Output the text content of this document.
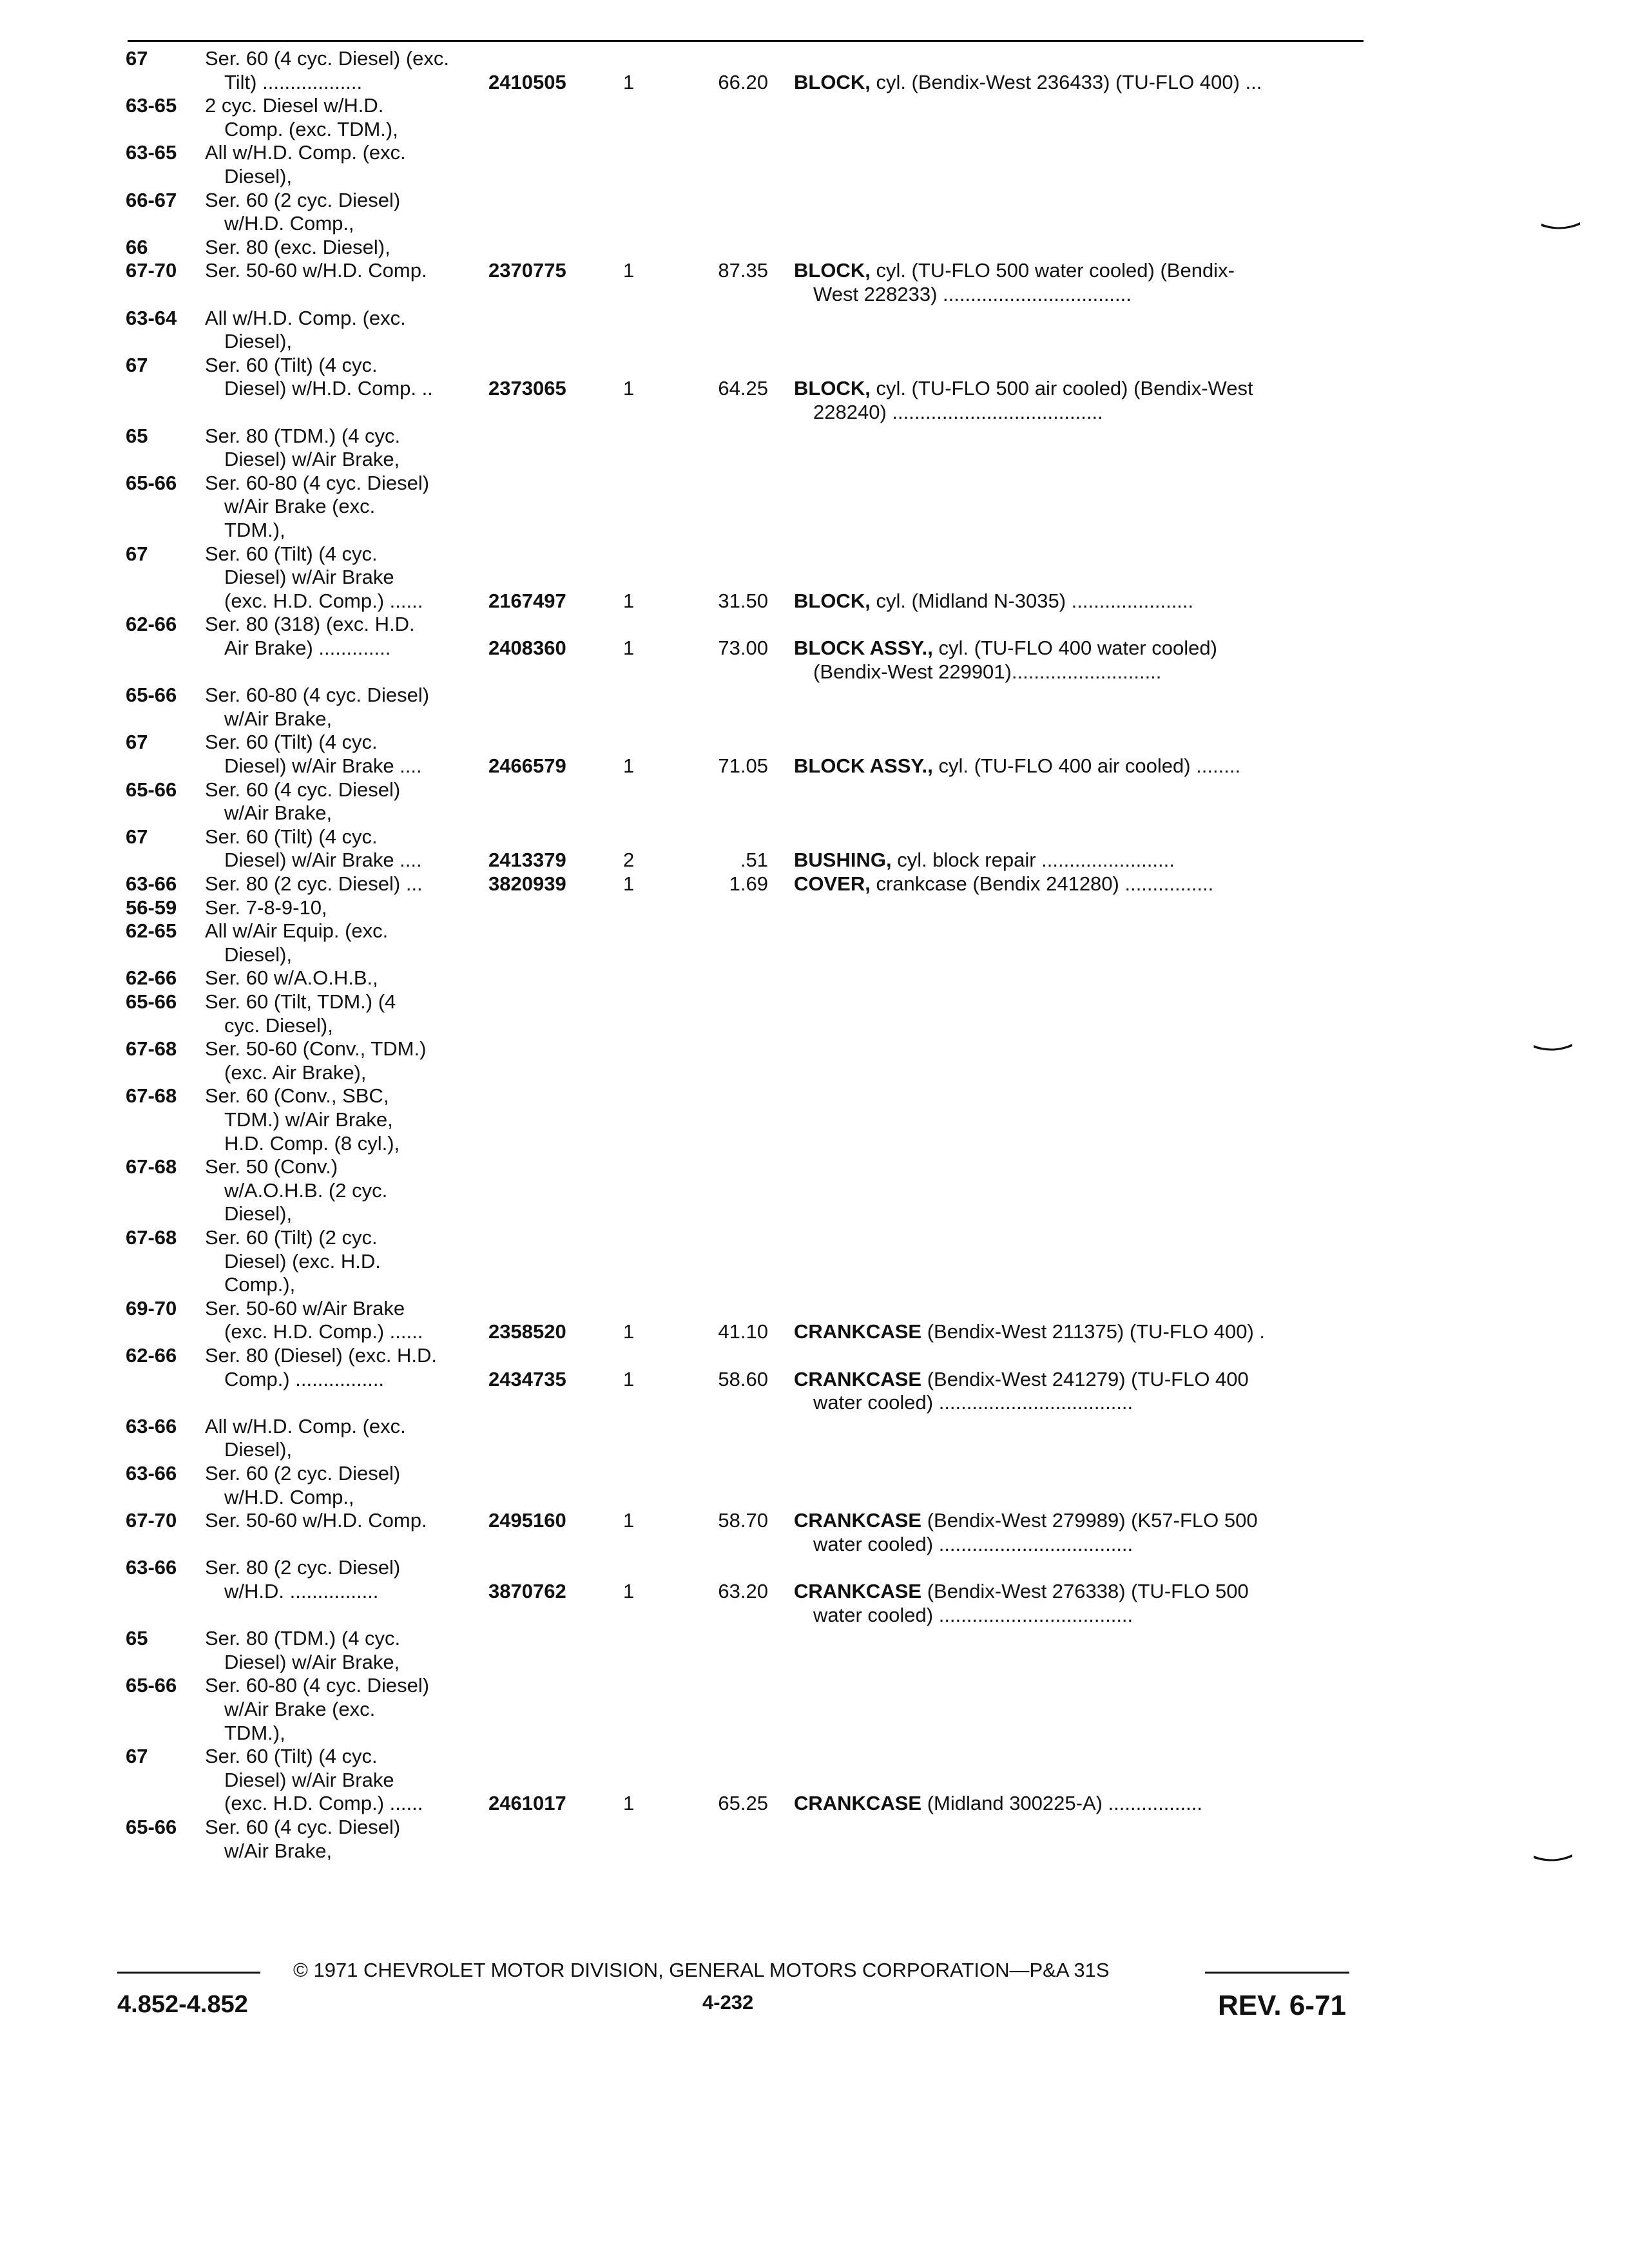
67	Ser. 60 (4 cyc. Diesel) (exc.
Tilt) ..................	2410505	1	66.20 BLOCK, cyl. (Bendix-West 236433) (TU-FLO 400) ...
63-65 2 cyc. Diesel w/H.D.
Comp. (exc. TDM.),
63-65 All w/H.D. Comp. (exc.
Diesel),
66-67 Ser. 60 (2 cyc. Diesel)
w/H.D. Comp.,
66	Ser. 80 (exc. Diesel),
67-70 Ser. 50-60 w/H.D. Comp.	2370775	1	87.35 BLOCK, cyl. (TU-FLO 500 water cooled) (Bendix-
West 228233) ..................................
63-64 All w/H.D. Comp. (exc.
Diesel),
67	Ser. 60 (Tilt) (4 cyc.
Diesel) w/H.D. Comp. ..	2373065	1	64.25 BLOCK, cyl. (TU-FLO 500 air cooled) (Bendix-West
228240) ......................................
65	Ser. 80 (TDM.) (4 cyc.
Diesel) w/Air Brake,
65-66 Ser. 60-80 (4 cyc. Diesel)
w/Air Brake (exc.
TDM.),
67	Ser. 60 (Tilt) (4 cyc.
Diesel) w/Air Brake
(exc. H.D. Comp.) ......	2167497	1	31.50 BLOCK, cyl. (Midland N-3035) ......................
62-66 Ser. 80 (318) (exc. H.D.
Air Brake) .............	2408360	1	73.00 BLOCK ASSY., cyl. (TU-FLO 400 water cooled)
(Bendix-West 229901)...........................
65-66 Ser. 60-80 (4 cyc. Diesel)
w/Air Brake,
67	Ser. 60 (Tilt) (4 cyc.
Diesel) w/Air Brake ....	2466579	1	71.05 BLOCK ASSY., cyl. (TU-FLO 400 air cooled) ........
65-66 Ser. 60 (4 cyc. Diesel)
w/Air Brake,
67	Ser. 60 (Tilt) (4 cyc.
Diesel) w/Air Brake ....	2413379	2	.51 BUSHING, cyl. block repair ........................
63-66 Ser. 80 (2 cyc. Diesel) ...	3820939	1	1.69 COVER, crankcase (Bendix 241280) ................
56-59 Ser. 7-8-9-10,
62-65 All w/Air Equip. (exc.
Diesel),
62-66 Ser. 60 w/A.O.H.B.,
65-66 Ser. 60 (Tilt, TDM.) (4
cyc. Diesel),
67-68 Ser. 50-60 (Conv., TDM.)
(exc. Air Brake),
67-68 Ser. 60 (Conv., SBC,
TDM.) w/Air Brake,
H.D. Comp. (8 cyl.),
67-68 Ser. 50 (Conv.)
w/A.O.H.B. (2 cyc.
Diesel),
67-68 Ser. 60 (Tilt) (2 cyc.
Diesel) (exc. H.D.
Comp.),
69-70 Ser. 50-60 w/Air Brake
(exc. H.D. Comp.) ......	2358520	1	41.10 CRANKCASE (Bendix-West 211375) (TU-FLO 400) .
62-66 Ser. 80 (Diesel) (exc. H.D.
Comp.) ................	2434735	1	58.60 CRANKCASE (Bendix-West 241279) (TU-FLO 400
water cooled) ...................................
63-66 All w/H.D. Comp. (exc.
Diesel),
63-66 Ser. 60 (2 cyc. Diesel)
w/H.D. Comp.,
67-70 Ser. 50-60 w/H.D. Comp.	2495160	1	58.70 CRANKCASE (Bendix-West 279989) (K57-FLO 500
water cooled) ...................................
63-66 Ser. 80 (2 cyc. Diesel)
w/H.D. ................	3870762	1	63.20 CRANKCASE (Bendix-West 276338) (TU-FLO 500
water cooled) ...................................
65	Ser. 80 (TDM.) (4 cyc.
Diesel) w/Air Brake,
65-66 Ser. 60-80 (4 cyc. Diesel)
w/Air Brake (exc.
TDM.),
67	Ser. 60 (Tilt) (4 cyc.
Diesel) w/Air Brake
(exc. H.D. Comp.) ......	2461017	1	65.25 CRANKCASE (Midland 300225-A) .................
65-66 Ser. 60 (4 cyc. Diesel)
w/Air Brake,
© 1971 CHEVROLET MOTOR DIVISION, GENERAL MOTORS CORPORATION—P&A 31S
4.852-4.852	4-232	REV. 6-71
